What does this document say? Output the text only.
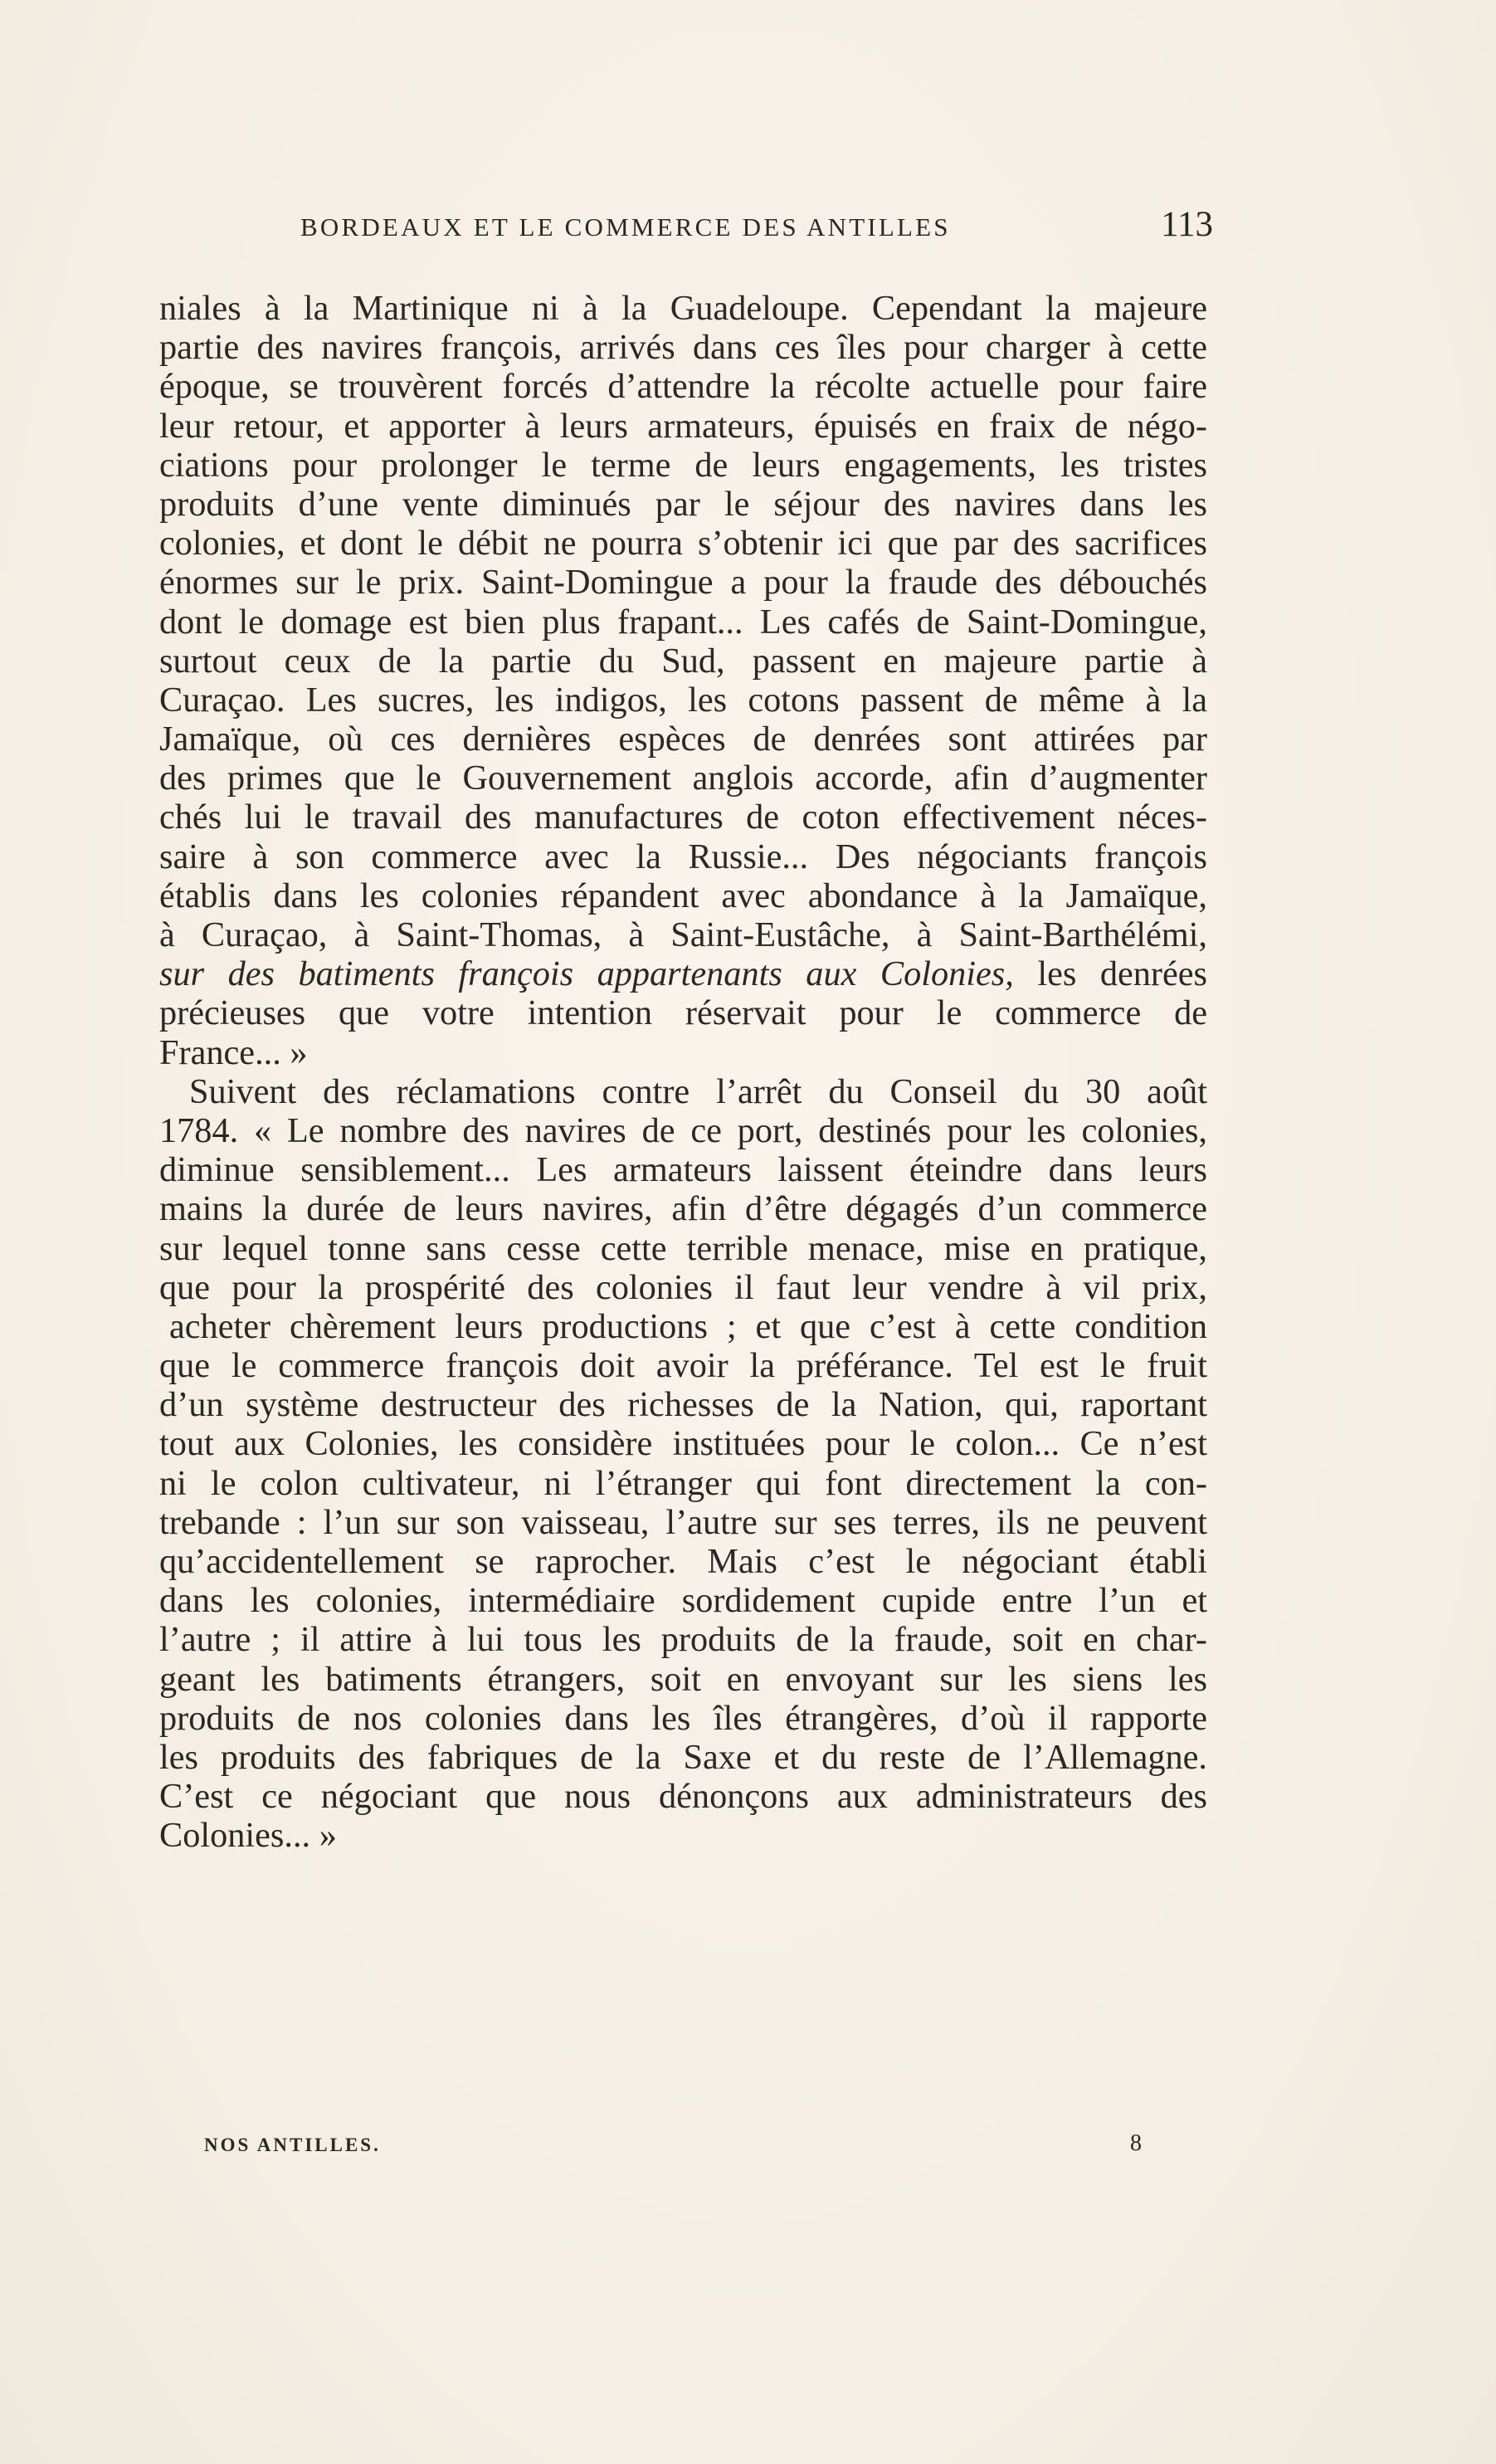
BORDEAUX ET LE COMMERCE DES ANTILLES	113
niales à la Martinique ni à la Guadeloupe. Cependant la majeure
partie des navires françois, arrivés dans ces îles pour charger à cette
époque, se trouvèrent forcés d’attendre la récolte actuelle pour faire
leur retour, et apporter à leurs armateurs, épuisés en fraix de négo-
ciations pour prolonger le terme de leurs engagements, les tristes
produits d’une vente diminués par le séjour des navires dans les
colonies, et dont le débit ne pourra s’obtenir ici que par des sacrifices
énormes sur le prix. Saint-Domingue a pour la fraude des débouchés
dont le domage est bien plus frapant... Les cafés de Saint-Domingue,
surtout ceux de la partie du Sud, passent en majeure partie à
Curaçao. Les sucres, les indigos, les cotons passent de même à la
Jamaïque, où ces dernières espèces de denrées sont attirées par
des primes que le Gouvernement anglois accorde, afin d’augmenter
chés lui le travail des manufactures de coton effectivement néces-
saire à son commerce avec la Russie... Des négociants françois
établis dans les colonies répandent avec abondance à la Jamaïque,
à Curaçao, à Saint-Thomas, à Saint-Eustâche, à Saint-Barthélémi,
sur des batiments françois appartenants aux Colonies, les denrées
précieuses que votre intention réservait pour le commerce de
France... »
Suivent des réclamations contre l’arrêt du Conseil du 30 août
1784. « Le nombre des navires de ce port, destinés pour les colonies,
diminue sensiblement... Les armateurs laissent éteindre dans leurs
mains la durée de leurs navires, afin d’être dégagés d’un commerce
sur lequel tonne sans cesse cette terrible menace, mise en pratique,
que pour la prospérité des colonies il faut leur vendre à vil prix,
acheter chèrement leurs productions ; et que c’est à cette condition
que le commerce françois doit avoir la préférance. Tel est le fruit
d’un système destructeur des richesses de la Nation, qui, raportant
tout aux Colonies, les considère instituées pour le colon... Ce n’est
ni le colon cultivateur, ni l’étranger qui font directement la con-
trebande : l’un sur son vaisseau, l’autre sur ses terres, ils ne peuvent
qu’accidentellement se raprocher. Mais c’est le négociant établi
dans les colonies, intermédiaire sordidement cupide entre l’un et
l’autre ; il attire à lui tous les produits de la fraude, soit en char-
geant les batiments étrangers, soit en envoyant sur les siens les
produits de nos colonies dans les îles étrangères, d’où il rapporte
les produits des fabriques de la Saxe et du reste de l’Allemagne.
C’est ce négociant que nous dénonçons aux administrateurs des
Colonies... »
NOS ANTILLES.	8
